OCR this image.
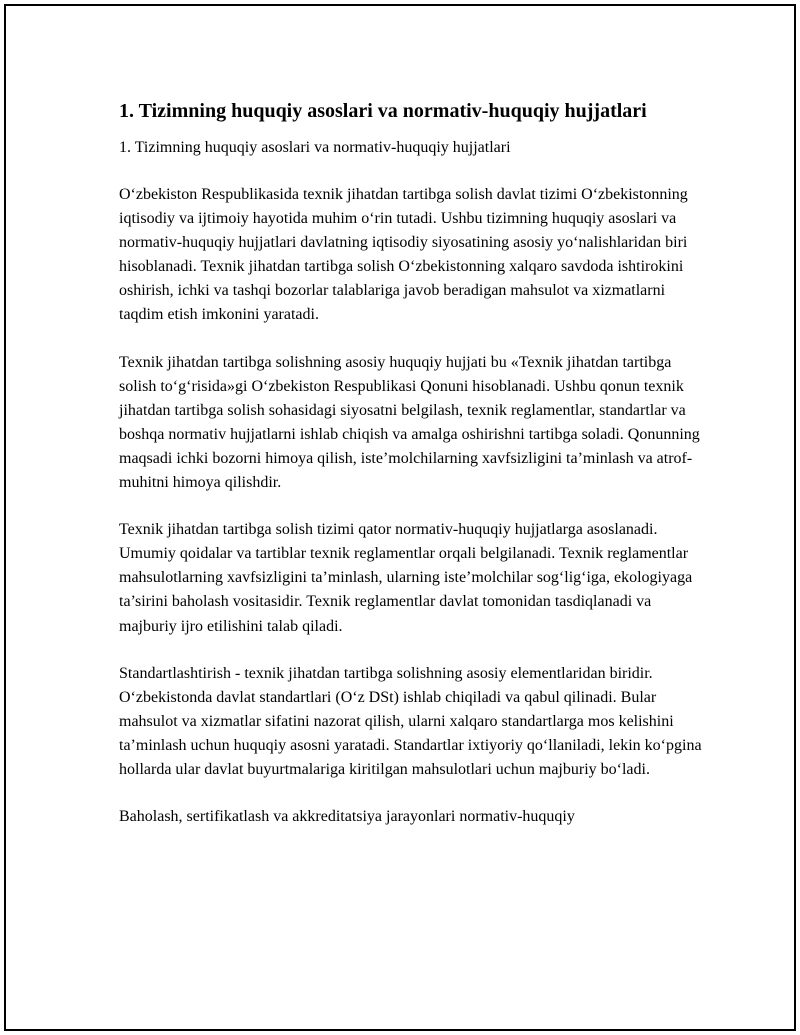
1. Tizimning huquqiy asoslari va normativ-huquqiy hujjatlari

1. Tizimning huquqiy asoslari va normativ-huquqiy hujjatlari

O‘zbekiston Respublikasida texnik jihatdan tartibga solish davlat tizimi O‘zbekistonning iqtisodiy va ijtimoiy hayotida muhim o‘rin tutadi. Ushbu tizimning huquqiy asoslari va normativ-huquqiy hujjatlari davlatning iqtisodiy siyosatining asosiy yo‘nalishlaridan biri hisoblanadi. Texnik jihatdan tartibga solish O‘zbekistonning xalqaro savdoda ishtirokini oshirish, ichki va tashqi bozorlar talablariga javob beradigan mahsulot va xizmatlarni taqdim etish imkonini yaratadi.

Texnik jihatdan tartibga solishning asosiy huquqiy hujjati bu «Texnik jihatdan tartibga solish to‘g‘risida»gi O‘zbekiston Respublikasi Qonuni hisoblanadi. Ushbu qonun texnik jihatdan tartibga solish sohasidagi siyosatni belgilash, texnik reglamentlar, standartlar va boshqa normativ hujjatlarni ishlab chiqish va amalga oshirishni tartibga soladi. Qonunning maqsadi ichki bozorni himoya qilish, iste’molchilarning xavfsizligini ta’minlash va atrof-muhitni himoya qilishdir.

Texnik jihatdan tartibga solish tizimi qator normativ-huquqiy hujjatlarga asoslanadi. Umumiy qoidalar va tartiblar texnik reglamentlar orqali belgilanadi. Texnik reglamentlar mahsulotlarning xavfsizligini ta’minlash, ularning iste’molchilar sog‘lig‘iga, ekologiyaga ta’sirini baholash vositasidir. Texnik reglamentlar davlat tomonidan tasdiqlanadi va majburiy ijro etilishini talab qiladi.

Standartlashtirish - texnik jihatdan tartibga solishning asosiy elementlaridan biridir. O‘zbekistonda davlat standartlari (O‘z DSt) ishlab chiqiladi va qabul qilinadi. Bular mahsulot va xizmatlar sifatini nazorat qilish, ularni xalqaro standartlarga mos kelishini ta’minlash uchun huquqiy asosni yaratadi. Standartlar ixtiyoriy qo‘llaniladi, lekin ko‘pgina hollarda ular davlat buyurtmalariga kiritilgan mahsulotlari uchun majburiy bo‘ladi.

Baholash, sertifikatlash va akkreditatsiya jarayonlari normativ-huquqiy
